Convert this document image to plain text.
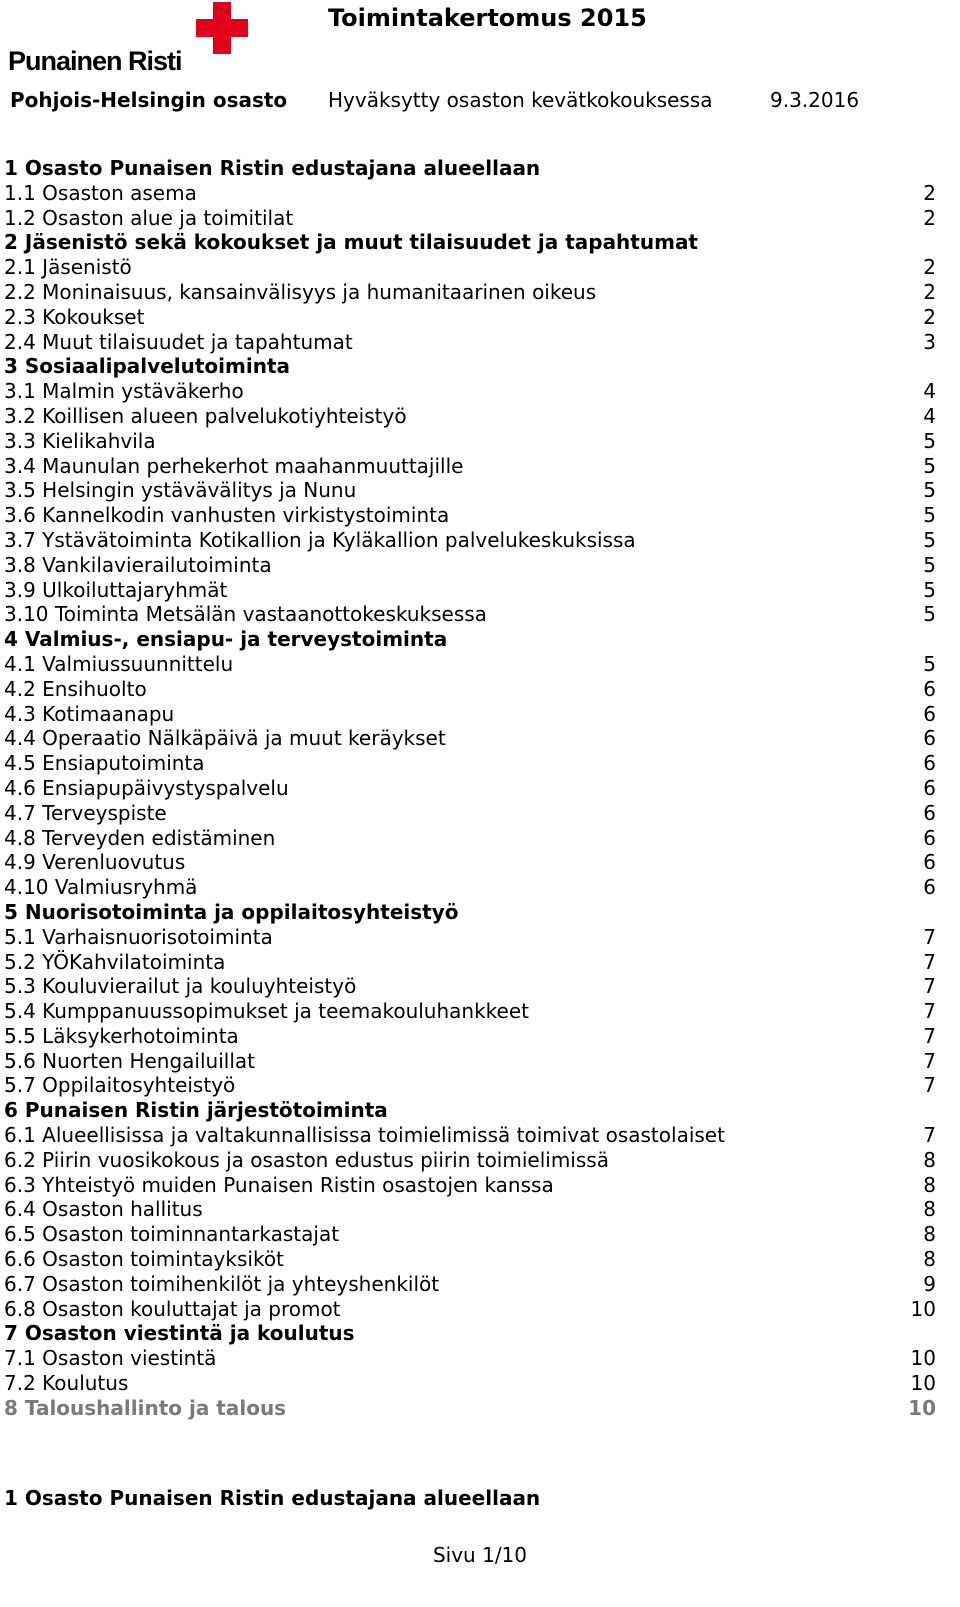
Punainen Risti
Toimintakertomus 2015
Pohjois-Helsingin osasto Hyväksytty osaston kevätkokouksessa	9.3.2016
1 Osasto Punaisen Ristin edustajana alueellaan
1.1 Osaston asema	2
1.2 Osaston alue ja toimitilat	2
2 Jäsenistö sekä kokoukset ja muut tilaisuudet ja tapahtumat
2.1 Jäsenistö	2
2.2 Moninaisuus, kansainvälisyys ja humanitaarinen oikeus	2
2.3 Kokoukset	2
2.4 Muut tilaisuudet ja tapahtumat	3
3 Sosiaalipalvelutoiminta
3.1 Malmin ystäväkerho	4
3.2 Koillisen alueen palvelukotiyhteistyö	4
3.3 Kielikahvila	5
3.4 Maunulan perhekerhot maahanmuuttajille	5
3.5 Helsingin ystävävälitys ja Nunu	5
3.6 Kannelkodin vanhusten virkistystoiminta	5
3.7 Ystävätoiminta Kotikallion ja Kyläkallion palvelukeskuksissa	5
3.8 Vankilavierailutoiminta	5
3.9 Ulkoiluttajaryhmät	5
3.10 Toiminta Metsälän vastaanottokeskuksessa	5
4 Valmius-, ensiapu- ja terveystoiminta
4.1 Valmiussuunnittelu	5
4.2 Ensihuolto	6
4.3 Kotimaanapu	6
4.4 Operaatio Nälkäpäivä ja muut keräykset	6
4.5 Ensiaputoiminta	6
4.6 Ensiapupäivystyspalvelu	6
4.7 Terveyspiste	6
4.8 Terveyden edistäminen	6
4.9 Verenluovutus	6
4.10 Valmiusryhmä	6
5 Nuorisotoiminta ja oppilaitosyhteistyö
5.1 Varhaisnuorisotoiminta	7
5.2 YÖKahvilatoiminta	7
5.3 Kouluvierailut ja kouluyhteistyö	7
5.4 Kumppanuussopimukset ja teemakouluhankkeet	7
5.5 Läksykerhotoiminta	7
5.6 Nuorten Hengailuillat	7
5.7 Oppilaitosyhteistyö	7
6 Punaisen Ristin järjestötoiminta
6.1 Alueellisissa ja valtakunnallisissa toimielimissä toimivat osastolaiset	7
6.2 Piirin vuosikokous ja osaston edustus piirin toimielimissä	8
6.3 Yhteistyö muiden Punaisen Ristin osastojen kanssa	8
6.4 Osaston hallitus	8
6.5 Osaston toiminnantarkastajat	8
6.6 Osaston toimintayksiköt	8
6.7 Osaston toimihenkilöt ja yhteyshenkilöt	9
6.8 Osaston kouluttajat ja promot	10
7 Osaston viestintä ja koulutus
7.1 Osaston viestintä	10
7.2 Koulutus	10
8 Taloushallinto ja talous	10
1 Osasto Punaisen Ristin edustajana alueellaan
Sivu 1/10
